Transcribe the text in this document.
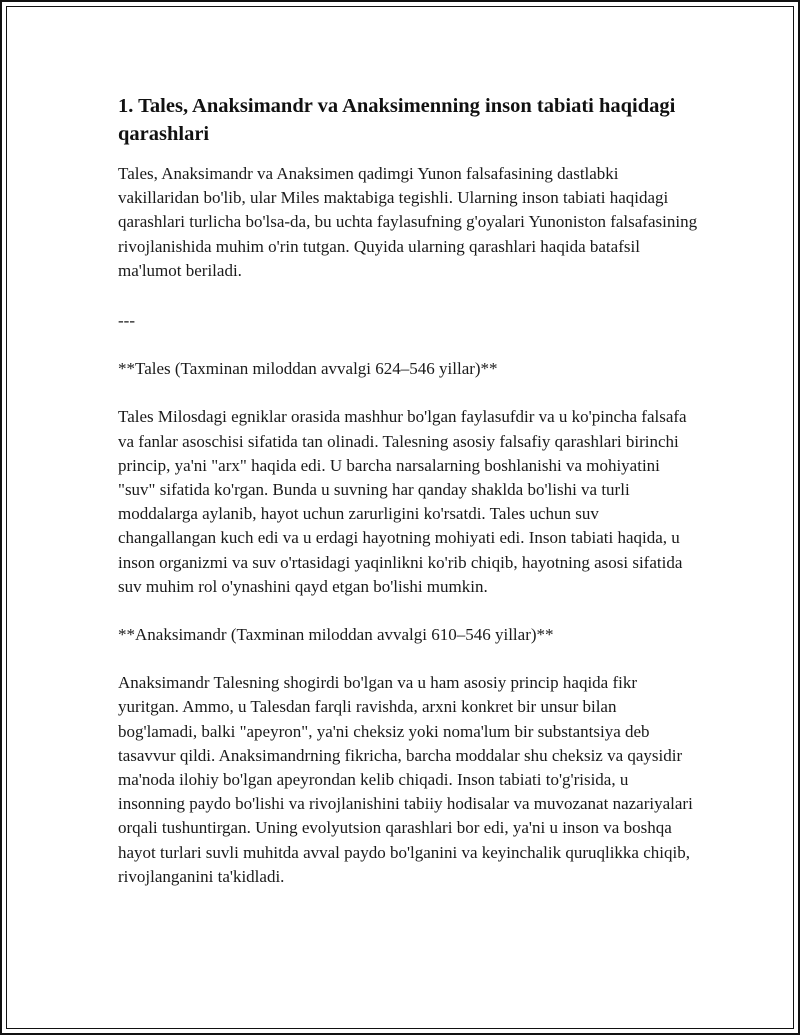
1. Tales, Anaksimandr va Anaksimenning inson tabiati haqidagi qarashlari

Tales, Anaksimandr va Anaksimen qadimgi Yunon falsafasining dastlabki vakillaridan bo'lib, ular Miles maktabiga tegishli. Ularning inson tabiati haqidagi qarashlari turlicha bo'lsa-da, bu uchta faylasufning g'oyalari Yunoniston falsafasining rivojlanishida muhim o'rin tutgan. Quyida ularning qarashlari haqida batafsil ma'lumot beriladi.

---

**Tales (Taxminan miloddan avvalgi 624–546 yillar)**

Tales Milosdagi egniklar orasida mashhur bo'lgan faylasufdir va u ko'pincha falsafa va fanlar asoschisi sifatida tan olinadi. Talesning asosiy falsafiy qarashlari birinchi princip, ya'ni "arx" haqida edi. U barcha narsalarning boshlanishi va mohiyatini "suv" sifatida ko'rgan. Bunda u suvning har qanday shaklda bo'lishi va turli moddalarga aylanib, hayot uchun zarurligini ko'rsatdi. Tales uchun suv changallangan kuch edi va u erdagi hayotning mohiyati edi. Inson tabiati haqida, u inson organizmi va suv o'rtasidagi yaqinlikni ko'rib chiqib, hayotning asosi sifatida suv muhim rol o'ynashini qayd etgan bo'lishi mumkin.

**Anaksimandr (Taxminan miloddan avvalgi 610–546 yillar)**

Anaksimandr Talesning shogirdi bo'lgan va u ham asosiy princip haqida fikr yuritgan. Ammo, u Talesdan farqli ravishda, arxni konkret bir unsur bilan bog'lamadi, balki "apeyron", ya'ni cheksiz yoki noma'lum bir substantsiya deb tasavvur qildi. Anaksimandrning fikricha, barcha moddalar shu cheksiz va qaysidir ma'noda ilohiy bo'lgan apeyrondan kelib chiqadi. Inson tabiati to'g'risida, u insonning paydo bo'lishi va rivojlanishini tabiiy hodisalar va muvozanat nazariyalari orqali tushuntirgan. Uning evolyutsion qarashlari bor edi, ya'ni u inson va boshqa hayot turlari suvli muhitda avval paydo bo'lganini va keyinchalik quruqlikka chiqib, rivojlanganini ta'kidladi.
